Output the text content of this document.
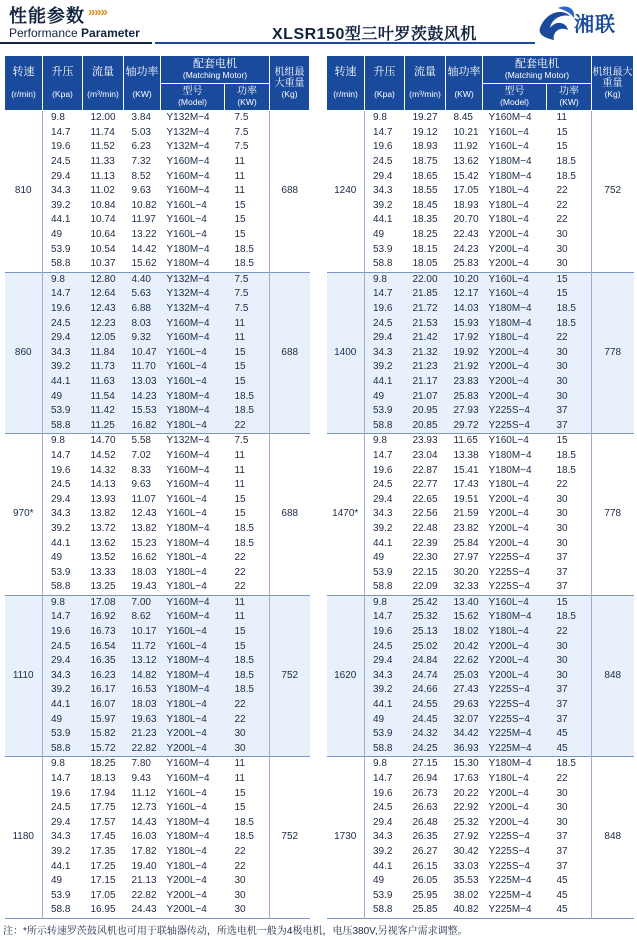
性能参数 »»»
Performance Parameter	XLSR150型三叶罗茨鼓风机	湘联
转速

(r/min)	升压

(Kpa)	流量

(m³/min)	轴功率

(KW)	配套电机
(Matching Motor)		机组最大重量
(Kg)
				型号
(Model)	功率
(KW)	
810	9.8	12.00	3.84	Y132M−4	7.5	688
	14.7	11.74	5.03	Y132M−4	7.5	
	19.6	11.52	6.23	Y132M−4	7.5	
	24.5	11.33	7.32	Y160M−4	11	
	29.4	11.13	8.52	Y160M−4	11	
	34.3	11.02	9.63	Y160M−4	11	
	39.2	10.84	10.82	Y160L−4	15	
	44.1	10.74	11.97	Y160L−4	15	
	49	10.64	13.22	Y160L−4	15	
	53.9	10.54	14.42	Y180M−4	18.5	
	58.8	10.37	15.62	Y180M−4	18.5	
860	9.8	12.80	4.40	Y132M−4	7.5	688
	14.7	12.64	5.63	Y132M−4	7.5	
	19.6	12.43	6.88	Y132M−4	7.5	
	24.5	12.23	8.03	Y160M−4	11	
	29.4	12.05	9.32	Y160M−4	11	
	34.3	11.84	10.47	Y160L−4	15	
	39.2	11.73	11.70	Y160L−4	15	
	44.1	11.63	13.03	Y160L−4	15	
	49	11.54	14.23	Y180M−4	18.5	
	53.9	11.42	15.53	Y180M−4	18.5	
	58.8	11.25	16.82	Y180L−4	22	
970*	9.8	14.70	5.58	Y132M−4	7.5	688
	14.7	14.52	7.02	Y160M−4	11	
	19.6	14.32	8.33	Y160M−4	11	
	24.5	14.13	9.63	Y160M−4	11	
	29.4	13.93	11.07	Y160L−4	15	
	34.3	13.82	12.43	Y160L−4	15	
	39.2	13.72	13.82	Y180M−4	18.5	
	44.1	13.62	15.23	Y180M−4	18.5	
	49	13.52	16.62	Y180L−4	22	
	53.9	13.33	18.03	Y180L−4	22	
	58.8	13.25	19.43	Y180L−4	22	
1110	9.8	17.08	7.00	Y160M−4	11	752
	14.7	16.92	8.62	Y160M−4	11	
	19.6	16.73	10.17	Y160L−4	15	
	24.5	16.54	11.72	Y160L−4	15	
	29.4	16.35	13.12	Y180M−4	18.5	
	34.3	16.23	14.82	Y180M−4	18.5	
	39.2	16.17	16.53	Y180M−4	18.5	
	44.1	16.07	18.03	Y180L−4	22	
	49	15.97	19.63	Y180L−4	22	
	53.9	15.82	21.23	Y200L−4	30	
	58.8	15.72	22.82	Y200L−4	30	
1180	9.8	18.25	7.80	Y160M−4	11	752
	14.7	18.13	9.43	Y160M−4	11	
	19.6	17.94	11.12	Y160L−4	15	
	24.5	17.75	12.73	Y160L−4	15	
	29.4	17.57	14.43	Y180M−4	18.5	
	34.3	17.45	16.03	Y180M−4	18.5	
	39.2	17.35	17.82	Y180L−4	22	
	44.1	17.25	19.40	Y180L−4	22	
	49	17.15	21.13	Y200L−4	30	
	53.9	17.05	22.82	Y200L−4	30	
	58.8	16.95	24.43	Y200L−4	30	
转速

(r/min)	升压

(Kpa)	流量

(m³/min)	轴功率

(KW)	配套电机
(Matching Motor)		机组最大重量
(Kg)
				型号
(Model)	功率
(KW)	
1240	9.8	19.27	8.45	Y160M−4	11	752
	14.7	19.12	10.21	Y160L−4	15	
	19.6	18.93	11.92	Y160L−4	15	
	24.5	18.75	13.62	Y180M−4	18.5	
	29.4	18.65	15.42	Y180M−4	18.5	
	34.3	18.55	17.05	Y180L−4	22	
	39.2	18.45	18.93	Y180L−4	22	
	44.1	18.35	20.70	Y180L−4	22	
	49	18.25	22.43	Y200L−4	30	
	53.9	18.15	24.23	Y200L−4	30	
	58.8	18.05	25.83	Y200L−4	30	
1400	9.8	22.00	10.20	Y160L−4	15	778
	14.7	21.85	12.17	Y160L−4	15	
	19.6	21.72	14.03	Y180M−4	18.5	
	24.5	21.53	15.93	Y180M−4	18.5	
	29.4	21.42	17.92	Y180L−4	22	
	34.3	21.32	19.92	Y200L−4	30	
	39.2	21.23	21.92	Y200L−4	30	
	44.1	21.17	23.83	Y200L−4	30	
	49	21.07	25.83	Y200L−4	30	
	53.9	20.95	27.93	Y225S−4	37	
	58.8	20.85	29.72	Y225S−4	37	
1470*	9.8	23.93	11.65	Y160L−4	15	778
	14.7	23.04	13.38	Y180M−4	18.5	
	19.6	22.87	15.41	Y180M−4	18.5	
	24.5	22.77	17.43	Y180L−4	22	
	29.4	22.65	19.51	Y200L−4	30	
	34.3	22.56	21.59	Y200L−4	30	
	39.2	22.48	23.82	Y200L−4	30	
	44.1	22.39	25.84	Y200L−4	30	
	49	22.30	27.97	Y225S−4	37	
	53.9	22.15	30.20	Y225S−4	37	
	58.8	22.09	32.33	Y225S−4	37	
1620	9.8	25.42	13.40	Y160L−4	15	848
	14.7	25.32	15.62	Y180M−4	18.5	
	19.6	25.13	18.02	Y180L−4	22	
	24.5	25.02	20.42	Y200L−4	30	
	29.4	24.84	22.62	Y200L−4	30	
	34.3	24.74	25.03	Y200L−4	30	
	39.2	24.66	27.43	Y225S−4	37	
	44.1	24.55	29.63	Y225S−4	37	
	49	24.45	32.07	Y225S−4	37	
	53.9	24.32	34.42	Y225M−4	45	
	58.8	24.25	36.93	Y225M−4	45	
1730	9.8	27.15	15.30	Y180M−4	18.5	848
	14.7	26.94	17.63	Y180L−4	22	
	19.6	26.73	20.22	Y200L−4	30	
	24.5	26.63	22.92	Y200L−4	30	
	29.4	26.48	25.32	Y200L−4	30	
	34.3	26.35	27.92	Y225S−4	37	
	39.2	26.27	30.42	Y225S−4	37	
	44.1	26.15	33.03	Y225S−4	37	
	49	26.05	35.53	Y225M−4	45	
	53.9	25.95	38.02	Y225M−4	45	
	58.8	25.85	40.82	Y225M−4	45	
注：*所示转速罗茨鼓风机也可用于联轴器传动，所选电机一般为4极电机，电压380V,另视客户需求调整。
